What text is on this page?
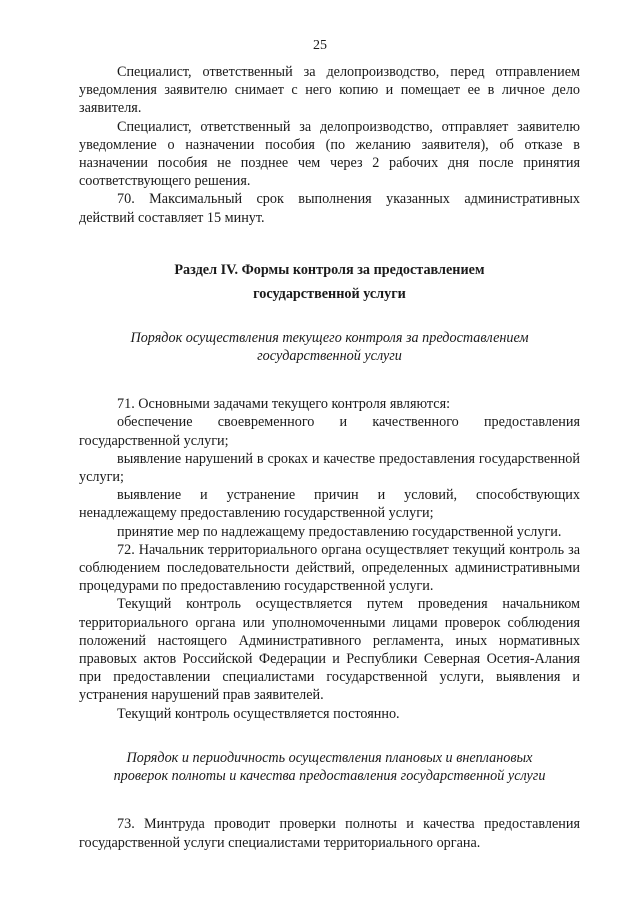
25

Специалист, ответственный за делопроизводство, перед отправлением уведомления заявителю снимает с него копию и помещает ее в личное дело заявителя.

Специалист, ответственный за делопроизводство, отправляет заявителю уведомление о назначении пособия (по желанию заявителя), об отказе в назначении пособия не позднее чем через 2 рабочих дня после принятия соответствующего решения.

70. Максимальный срок выполнения указанных административных действий составляет 15 минут.

Раздел IV. Формы контроля за предоставлением
государственной услуги
Порядок осуществления текущего контроля за предоставлением
государственной услуги

71. Основными задачами текущего контроля являются:

обеспечение своевременного и качественного предоставления государственной услуги;

выявление нарушений в сроках и качестве предоставления государственной услуги;

выявление и устранение причин и условий, способствующих ненадлежащему предоставлению государственной услуги;

принятие мер по надлежащему предоставлению государственной услуги.

72. Начальник территориального органа осуществляет текущий контроль за соблюдением последовательности действий, определенных административными процедурами по предоставлению государственной услуги.

Текущий контроль осуществляется путем проведения начальником территориального органа или уполномоченными лицами проверок соблюдения положений настоящего Административного регламента, иных нормативных правовых актов Российской Федерации и Республики Северная Осетия-Алания при предоставлении специалистами государственной услуги, выявления и устранения нарушений прав заявителей.

Текущий контроль осуществляется постоянно.

Порядок и периодичность осуществления плановых и внеплановых
проверок полноты и качества предоставления государственной услуги

73. Минтруда проводит проверки полноты и качества предоставления государственной услуги специалистами территориального органа.
